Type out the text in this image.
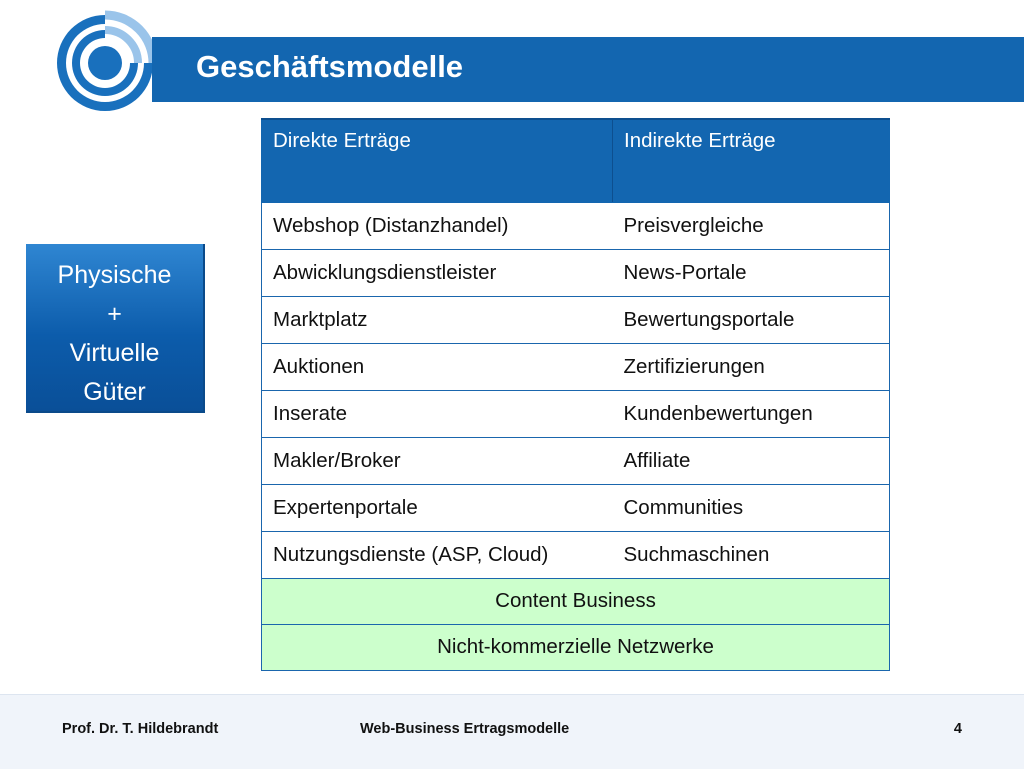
Geschäftsmodelle
Physische
+
Virtuelle
Güter
Direkte Erträge	Indirekte Erträge
Webshop (Distanzhandel)	Preisvergleiche
Abwicklungsdienstleister	News-Portale
Marktplatz	Bewertungsportale
Auktionen	Zertifizierungen
Inserate	Kundenbewertungen
Makler/Broker	Affiliate
Expertenportale	Communities
Nutzungsdienste (ASP, Cloud)	Suchmaschinen
Content Business	
Nicht-kommerzielle Netzwerke	
Prof. Dr. T. Hildebrandt	Web-Business Ertragsmodelle	4
